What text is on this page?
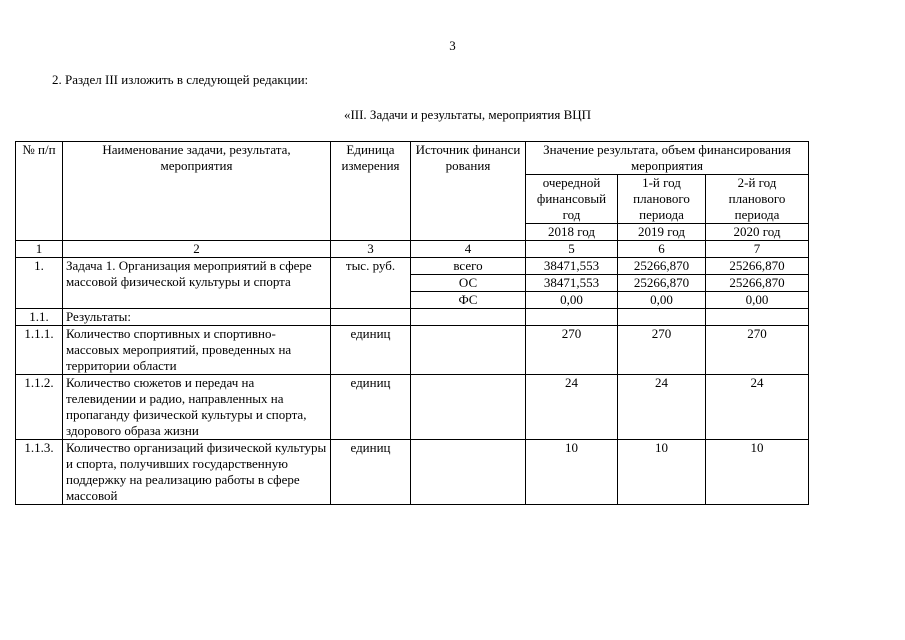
3
2. Раздел III изложить в следующей редакции:
«III. Задачи и результаты, мероприятия ВЦП
№ п/п	Наименование задачи, результата, мероприятия	Единица измерения	Источник финансирования	Значение результата, объем финансирования мероприятия		
				очередной финансовый год	1-й год планового периода	2-й год планового периода
				2018 год	2019 год	2020 год
1	2	3	4	5	6	7
1.	Задача 1. Организация мероприятий в сфере массовой физической культуры и спорта	тыс. руб.	всего	38471,553	25266,870	25266,870
			ОС	38471,553	25266,870	25266,870
			ФС	0,00	0,00	0,00
1.1.	Результаты:					
1.1.1.	Количество спортивных и спортивно-массовых мероприятий, проведенных на территории области	единиц		270	270	270
1.1.2.	Количество сюжетов и передач на телевидении и радио, направленных на пропаганду физической культуры и спорта, здорового образа жизни	единиц		24	24	24
1.1.3.	Количество организаций физической культуры и спорта, получивших государственную поддержку на реализацию работы в сфере массовой	единиц		10	10	10
